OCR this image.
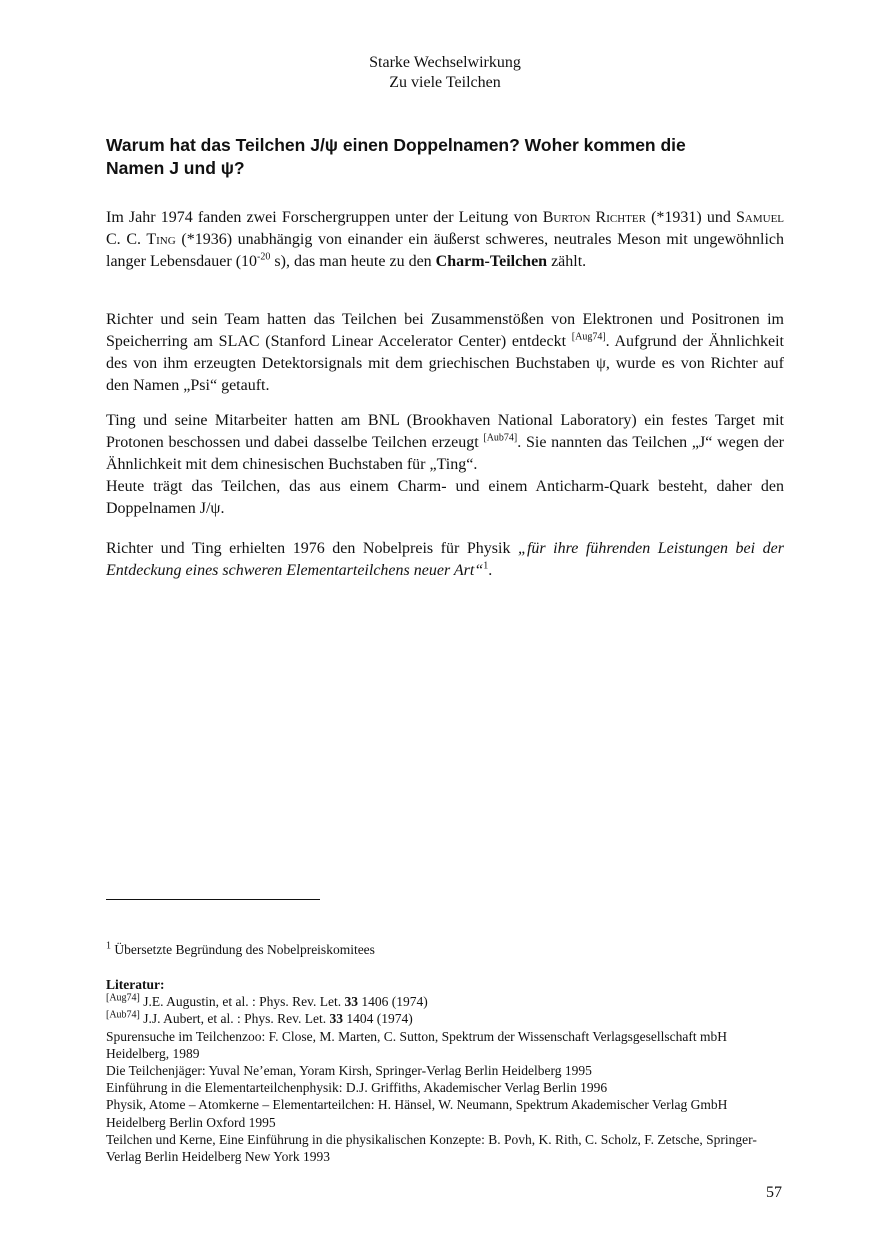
Starke Wechselwirkung
Zu viele Teilchen
Warum hat das Teilchen J/ψ einen Doppelnamen? Woher kommen die
Namen J und ψ?

Im Jahr 1974 fanden zwei Forschergruppen unter der Leitung von Burton Richter (*1931) und Samuel C. C. Ting (*1936) unabhängig von einander ein äußerst schweres, neutrales Meson mit ungewöhnlich langer Lebensdauer ($10^{-20}$ s), das man heute zu den Charm-Teilchen zählt.

Richter und sein Team hatten das Teilchen bei Zusammenstößen von Elektronen und Positronen im Speicherring am SLAC (Stanford Linear Accelerator Center) entdeckt [Aug74]. Aufgrund der Ähnlichkeit des von ihm erzeugten Detektorsignals mit dem griechischen Buchstaben ψ, wurde es von Richter auf den Namen „Psi“ getauft.

Ting und seine Mitarbeiter hatten am BNL (Brookhaven National Laboratory) ein festes Target mit Protonen beschossen und dabei dasselbe Teilchen erzeugt [Aub74]. Sie nannten das Teilchen „J“ wegen der Ähnlichkeit mit dem chinesischen Buchstaben für „Ting“.
Heute trägt das Teilchen, das aus einem Charm- und einem Anticharm-Quark besteht, daher den Doppelnamen J/ψ.

Richter und Ting erhielten 1976 den Nobelpreis für Physik „für ihre führenden Leistungen bei der Entdeckung eines schweren Elementarteilchens neuer Art“$^1$.

$^1$ Übersetzte Begründung des Nobelpreiskomitees
Literatur:
[Aug74] J.E. Augustin, et al. : Phys. Rev. Let. 33 1406 (1974)
[Aub74] J.J. Aubert, et al. : Phys. Rev. Let. 33 1404 (1974)
Spurensuche im Teilchenzoo: F. Close, M. Marten, C. Sutton, Spektrum der Wissenschaft Verlagsgesellschaft mbH Heidelberg, 1989
Die Teilchenjäger: Yuval Ne’eman, Yoram Kirsh, Springer-Verlag Berlin Heidelberg 1995
Einführung in die Elementarteilchenphysik: D.J. Griffiths, Akademischer Verlag Berlin 1996
Physik, Atome – Atomkerne – Elementarteilchen: H. Hänsel, W. Neumann, Spektrum Akademischer Verlag GmbH Heidelberg Berlin Oxford 1995
Teilchen und Kerne, Eine Einführung in die physikalischen Konzepte: B. Povh, K. Rith, C. Scholz, F. Zetsche, Springer-Verlag Berlin Heidelberg New York 1993
57
